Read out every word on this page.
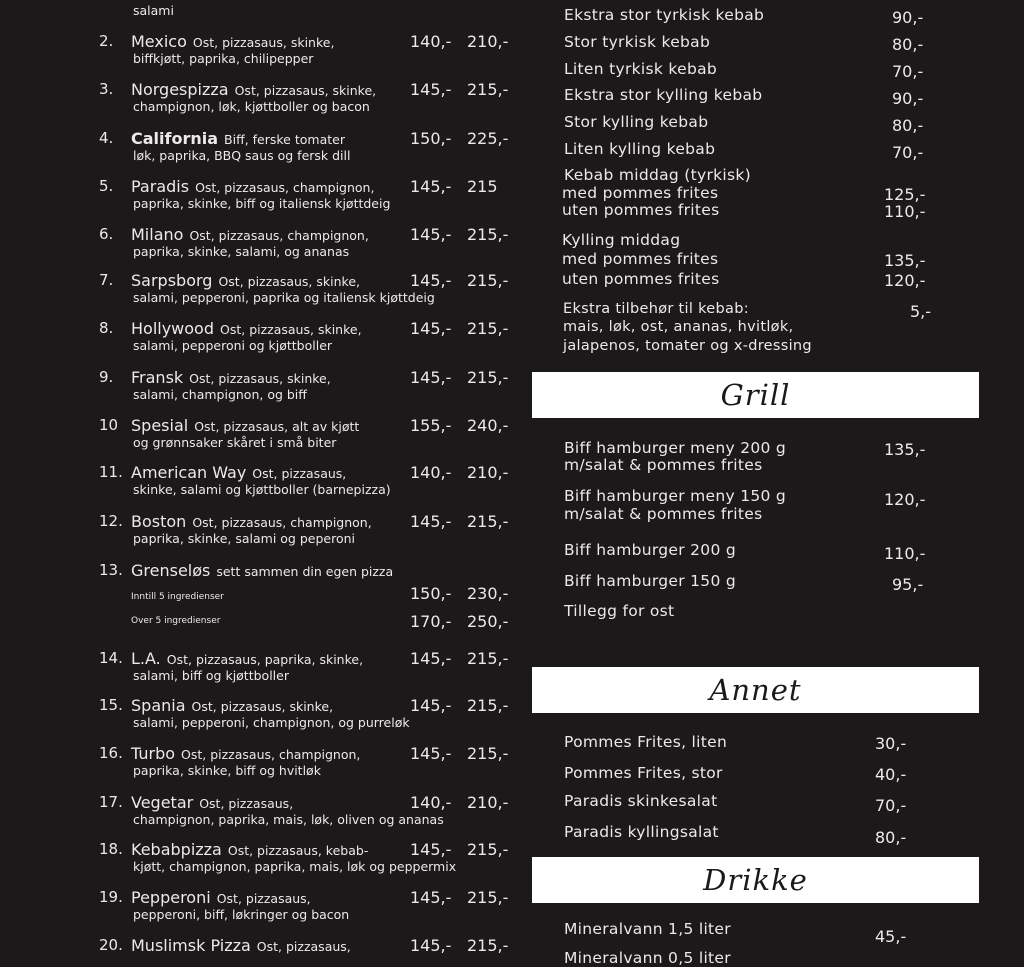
salami
2. Mexico Ost, pizzasaus, skinke,
biffkjøtt, paprika, chilipepper
140,- 210,-
3. Norgespizza Ost, pizzasaus, skinke,
champignon, løk, kjøttboller og bacon
145,- 215,-
4. California Biff, ferske tomater
løk, paprika, BBQ saus og fersk dill
150,- 225,-
5. Paradis Ost, pizzasaus, champignon,
paprika, skinke, biff og italiensk kjøttdeig
145,- 215
6. Milano Ost, pizzasaus, champignon,
paprika, skinke, salami, og ananas
145,- 215,-
7. Sarpsborg Ost, pizzasaus, skinke,
salami, pepperoni, paprika og italiensk kjøttdeig
145,- 215,-
8. Hollywood Ost, pizzasaus, skinke,
salami, pepperoni og kjøttboller
145,- 215,-
9. Fransk Ost, pizzasaus, skinke,
salami, champignon, og biff
145,- 215,-
10 Spesial Ost, pizzasaus, alt av kjøtt
og grønnsaker skåret i små biter
155,- 240,-
11. American Way Ost, pizzasaus,
skinke, salami og kjøttboller (barnepizza)
140,- 210,-
12. Boston Ost, pizzasaus, champignon,
paprika, skinke, salami og peperoni
145,- 215,-
13. Grenseløs sett sammen din egen pizza
Inntill 5 ingredienser	150,- 230,-
Over 5 ingredienser	170,- 250,-
14. L.A. Ost, pizzasaus, paprika, skinke,
salami, biff og kjøttboller
145,- 215,-
15. Spania Ost, pizzasaus, skinke,
salami, pepperoni, champignon, og purreløk
145,- 215,-
16. Turbo Ost, pizzasaus, champignon,
paprika, skinke, biff og hvitløk
145,- 215,-
17. Vegetar Ost, pizzasaus,
champignon, paprika, mais, løk, oliven og ananas
140,- 210,-
18. Kebabpizza Ost, pizzasaus, kebab-
kjøtt, champignon, paprika, mais, løk og peppermix
145,- 215,-
19. Pepperoni Ost, pizzasaus,
pepperoni, biff, løkringer og bacon
145,- 215,-
20. Muslimsk Pizza Ost, pizzasaus,	145,- 215,-
Ekstra stor tyrkisk kebab	90,-
Stor tyrkisk kebab	80,-
Liten tyrkisk kebab	70,-
Ekstra stor kylling kebab	90,-
Stor kylling kebab	80,-
Liten kylling kebab	70,-
Kebab middag (tyrkisk)
med pommes frites	125,-
uten pommes frites	110,-
Kylling middag
med pommes frites	135,-
uten pommes frites	120,-
Ekstra tilbehør til kebab:	5,-
mais, løk, ost, ananas, hvitløk,
jalapenos, tomater og x-dressing
Grill
Biff hamburger meny 200 g
m/salat & pommes frites
135,-
Biff hamburger meny 150 g
m/salat & pommes frites
120,-
Biff hamburger 200 g	110,-
Biff hamburger 150 g	95,-
Tillegg for ost
Annet
Pommes Frites, liten	30,-
Pommes Frites, stor	40,-
Paradis skinkesalat	70,-
Paradis kyllingsalat	80,-
Drikke
Mineralvann 1,5 liter	45,-
Mineralvann 0,5 liter
